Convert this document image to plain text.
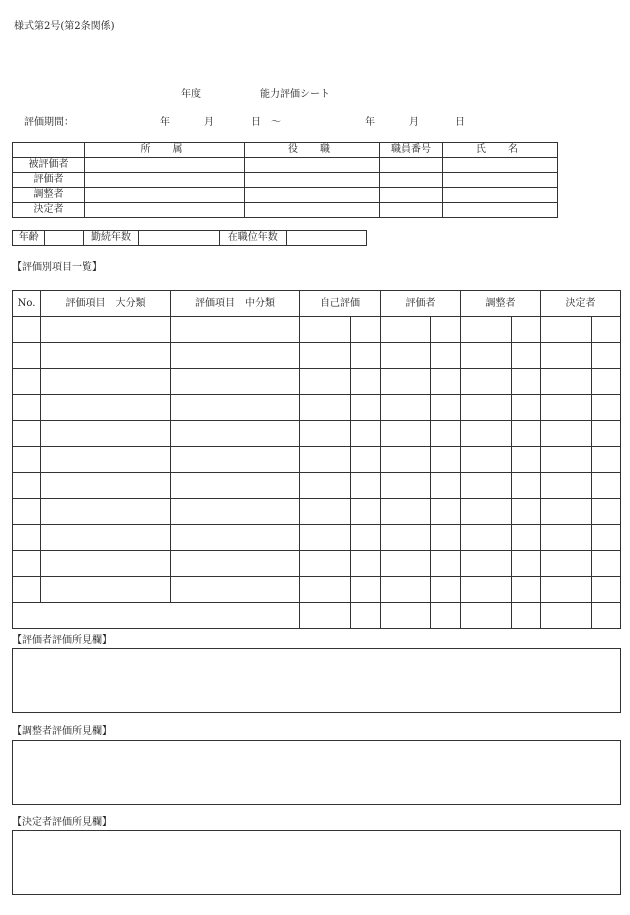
様式第2号(第2条関係)
年度	能力評価シート
評価期間：	年	月	日 〜	年	月	日
	所　属	役　職	職員番号	氏　名
被評価者				
評価者				
調整者				
決定者				
年齢		勤続年数		在職位年数	
【評価別項目一覧】
No.	評価項目　大分類	評価項目　中分類	自己評価		評価者		調整者		決定者	

【評価者評価所見欄】
【調整者評価所見欄】
【決定者評価所見欄】
